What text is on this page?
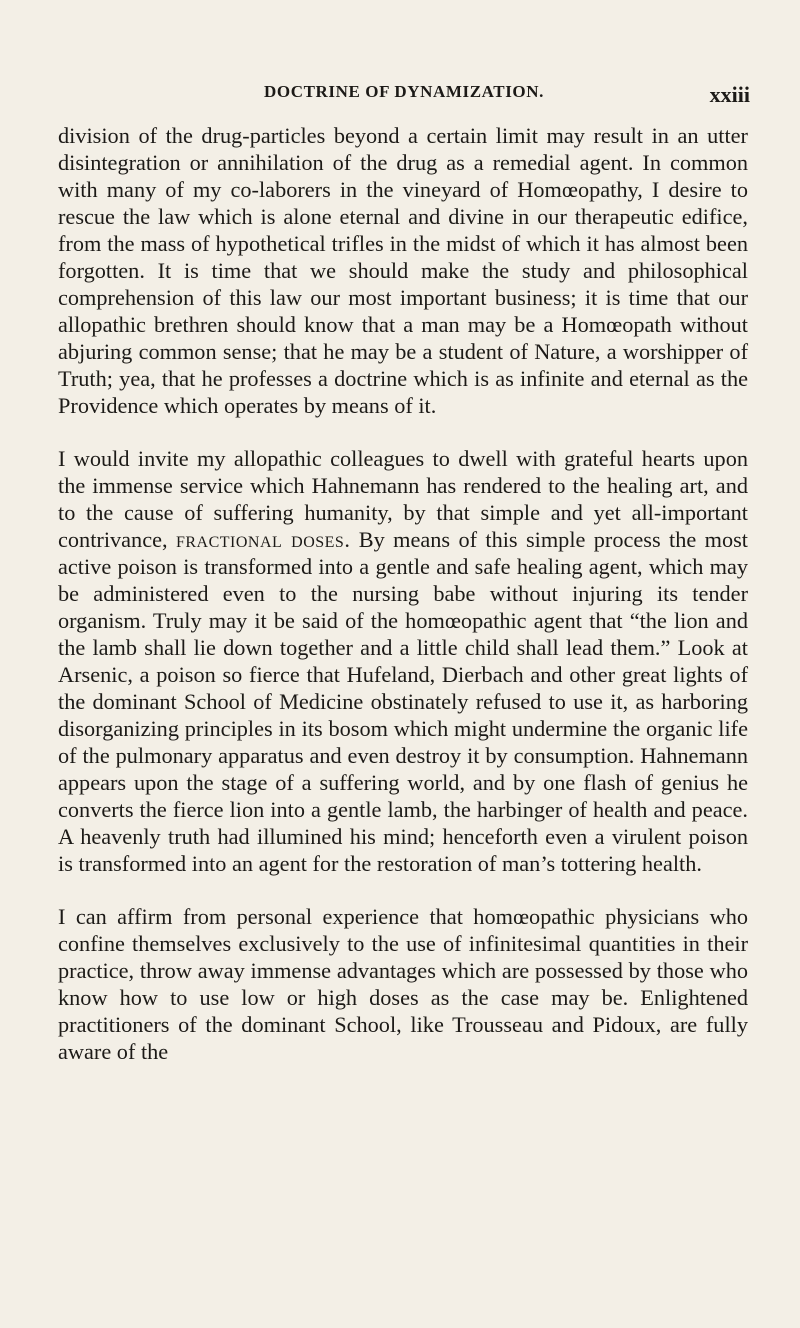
DOCTRINE OF DYNAMIZATION.	xxiii

division of the drug-particles beyond a certain limit may result in an utter disintegration or annihilation of the drug as a remedial agent. In common with many of my co-laborers in the vineyard of Homœopathy, I desire to rescue the law which is alone eternal and divine in our therapeutic edifice, from the mass of hypothetical trifles in the midst of which it has almost been forgotten. It is time that we should make the study and philosophical comprehension of this law our most important business; it is time that our allopathic brethren should know that a man may be a Homœopath without abjuring common sense; that he may be a student of Nature, a worshipper of Truth; yea, that he professes a doctrine which is as infinite and eternal as the Providence which operates by means of it.

I would invite my allopathic colleagues to dwell with grateful hearts upon the immense service which Hahnemann has rendered to the healing art, and to the cause of suffering humanity, by that simple and yet all-important contrivance, fractional doses. By means of this simple process the most active poison is transformed into a gentle and safe healing agent, which may be administered even to the nursing babe without injuring its tender organism. Truly may it be said of the homœopathic agent that “the lion and the lamb shall lie down together and a little child shall lead them.” Look at Arsenic, a poison so fierce that Hufeland, Dierbach and other great lights of the dominant School of Medicine obstinately refused to use it, as harboring disorganizing principles in its bosom which might undermine the organic life of the pulmonary apparatus and even destroy it by consumption. Hahnemann appears upon the stage of a suffering world, and by one flash of genius he converts the fierce lion into a gentle lamb, the harbinger of health and peace. A heavenly truth had illumined his mind; henceforth even a virulent poison is transformed into an agent for the restoration of man’s tottering health.

I can affirm from personal experience that homœopathic physicians who confine themselves exclusively to the use of infinitesimal quantities in their practice, throw away immense advantages which are possessed by those who know how to use low or high doses as the case may be. Enlightened practitioners of the dominant School, like Trousseau and Pidoux, are fully aware of the
